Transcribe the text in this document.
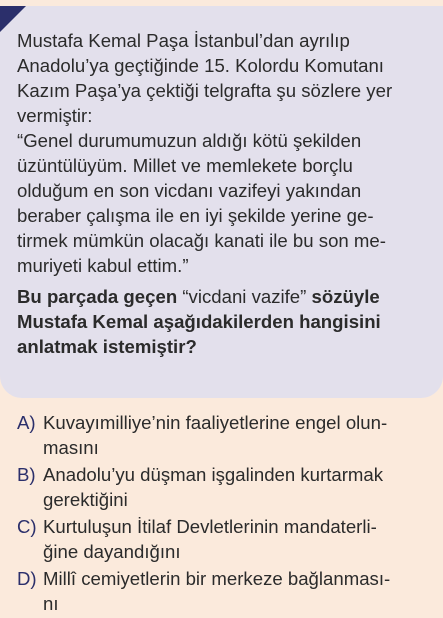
Mustafa Kemal Paşa İstanbul’dan ayrılıp

Anadolu’ya geçtiğinde 15. Kolordu Komutanı

Kazım Paşa’ya çektiği telgrafta şu sözlere yer

vermiştir:

“Genel durumumuzun aldığı kötü şekilden

üzüntülüyüm. Millet ve memlekete borçlu

olduğum en son vicdanı vazifeyi yakından

beraber çalışma ile en iyi şekilde yerine ge-

tirmek mümkün olacağı kanati ile bu son me-

muriyeti kabul ettim.”

Bu parçada geçen “vicdani vazife” sözüyle
Mustafa Kemal aşağıdakilerden hangisini
anlatmak istemiştir?
A) Kuvayımilliye’nin faaliyetlerine engel olun-
masını
B) Anadolu’yu düşman işgalinden kurtarmak
gerektiğini
C) Kurtuluşun İtilaf Devletlerinin mandaterli-
ğine dayandığını
D) Millî cemiyetlerin bir merkeze bağlanması-
nı
